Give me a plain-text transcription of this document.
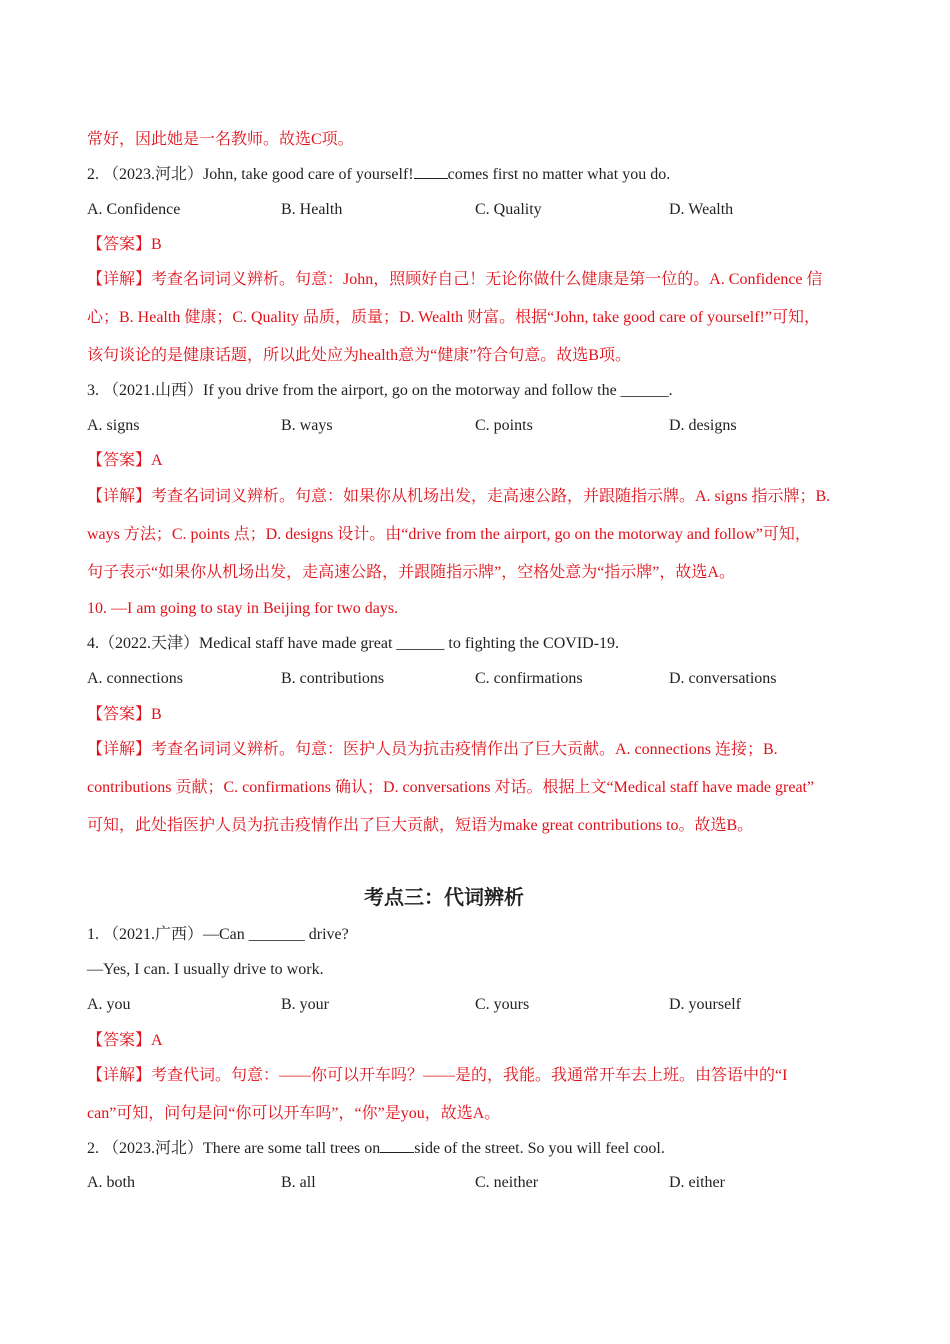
常好，因此她是一名教师。故选C项。
2. （2023.河北）John, take good care of yourself! comes first no matter what you do.
A. Confidence	B. Health	C. Quality	D. Wealth
【答案】B
【详解】考查名词词义辨析。句意：John，照顾好自己！无论你做什么健康是第一位的。A. Confidence 信
心；B. Health 健康；C. Quality 品质，质量；D. Wealth 财富。根据“John, take good care of yourself!”可知，
该句谈论的是健康话题，所以此处应为health意为“健康”符合句意。故选B项。
3. （2021.山西）If you drive from the airport, go on the motorway and follow the ______.
A. signs	B. ways	C. points	D. designs
【答案】A
【详解】考查名词词义辨析。句意：如果你从机场出发，走高速公路，并跟随指示牌。A. signs 指示牌；B.
ways 方法；C. points 点；D. designs 设计。由“drive from the airport, go on the motorway and follow”可知，
句子表示“如果你从机场出发，走高速公路，并跟随指示牌”，空格处意为“指示牌”，故选A。
10. —I am going to stay in Beijing for two days.
4.（2022.天津）Medical staff have made great ______ to fighting the COVID-19.
A. connections	B. contributions	C. confirmations	D. conversations
【答案】B
【详解】考查名词词义辨析。句意：医护人员为抗击疫情作出了巨大贡献。A. connections 连接；B.
contributions 贡献；C. confirmations 确认；D. conversations 对话。根据上文“Medical staff have made great”
可知，此处指医护人员为抗击疫情作出了巨大贡献，短语为make great contributions to。故选B。
考点三：代词辨析
1. （2021.广西）—Can _______ drive?
—Yes, I can. I usually drive to work.
A. you	B. your	C. yours	D. yourself
【答案】A
【详解】考查代词。句意：——你可以开车吗？——是的，我能。我通常开车去上班。由答语中的“I
can”可知，问句是问“你可以开车吗”，“你”是you，故选A。
2. （2023.河北）There are some tall trees on side of the street. So you will feel cool.
A. both	B. all	C. neither	D. either
